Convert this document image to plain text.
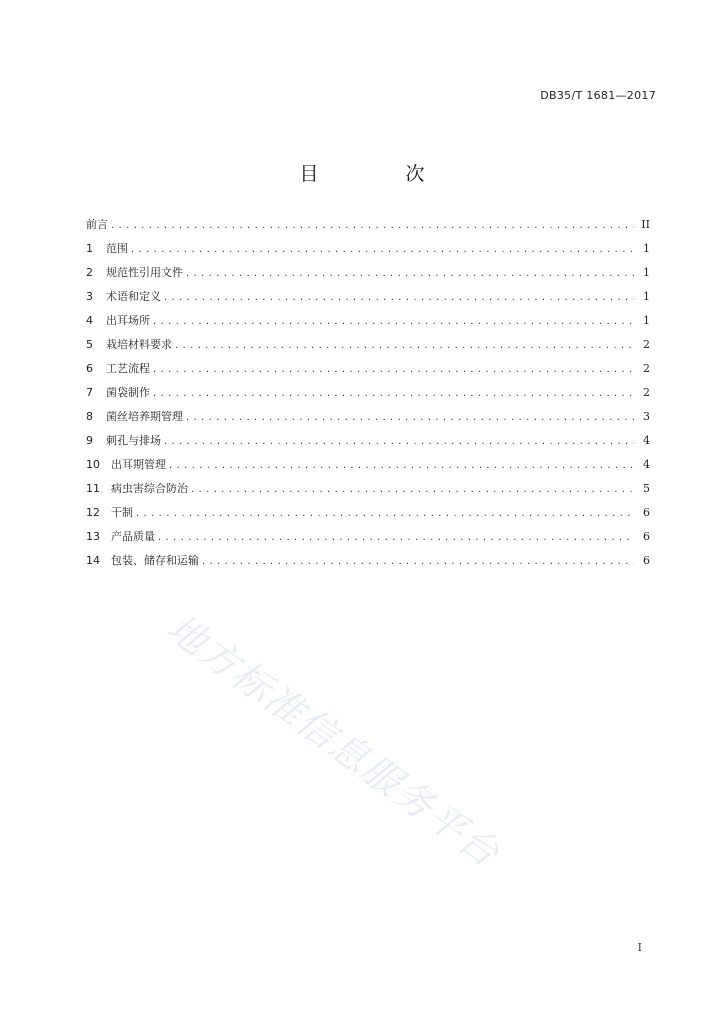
DB35/T 1681—2017
目　次
前言 . . .	II
1	范围 . . .	1
2	规范性引用文件 . . .	1
3	术语和定义 . . .	1
4	出耳场所 . . .	1
5	栽培材料要求 . . .	2
6	工艺流程 . . .	2
7	菌袋制作 . . .	2
8	菌丝培养期管理 . . .	3
9	刺孔与排场 . . .	4
10	出耳期管理 . . .	4
11	病虫害综合防治 . . .	5
12	干制 . . .	6
13	产品质量 . . .	6
14	包装、储存和运输 . . .	6
地方标准信息服务平台
I
